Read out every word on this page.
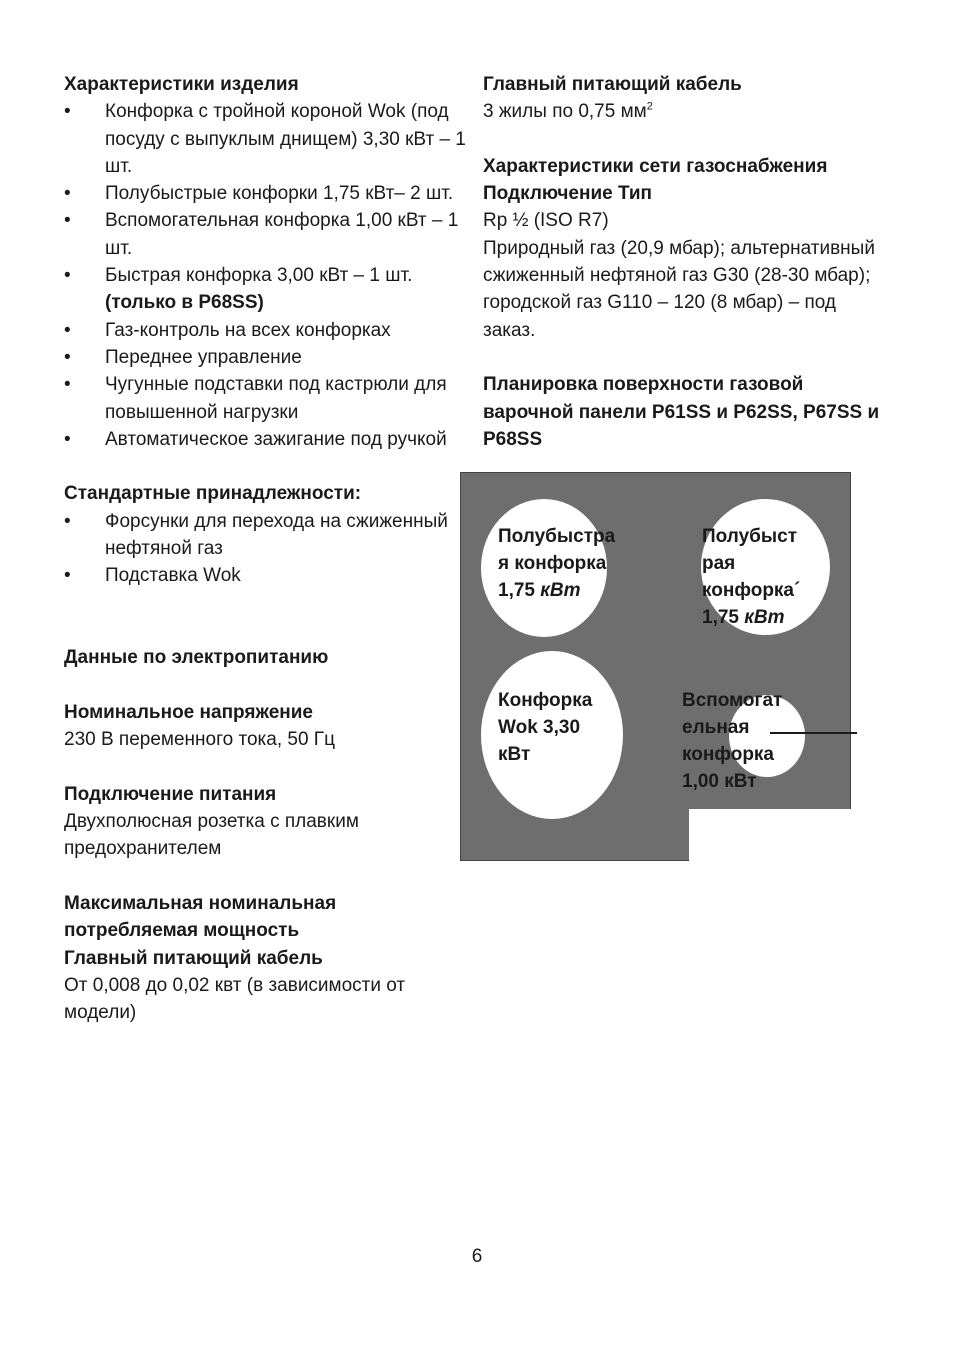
Характеристики изделия
• Конфорка с тройной короной Wok (под посуду с выпуклым днищем) 3,30 кВт – 1 шт.
• Полубыстрые конфорки 1,75 кВт– 2 шт.
• Вспомогательная конфорка 1,00 кВт – 1 шт.
• Быстрая конфорка 3,00 кВт – 1 шт.
(только в P68SS)
• Газ-контроль на всех конфорках
• Переднее управление
• Чугунные подставки под кастрюли для повышенной нагрузки
• Автоматическое зажигание под ручкой
Стандартные принадлежности:
• Форсунки для перехода на сжиженный нефтяной газ
• Подставка Wok
Данные по электропитанию
Номинальное напряжение
230 В переменного тока, 50 Гц
Подключение питания
Двухполюсная розетка с плавким предохранителем
Максимальная номинальная потребляемая мощность
Главный питающий кабель
От 0,008 до 0,02 квт (в зависимости от модели)
Главный питающий кабель
3 жилы по 0,75 $мм^2$
Характеристики сети газоснабжения
Подключение Тип
Rp ½ (ISO R7)
Природный газ (20,9 мбар); альтернативный сжиженный нефтяной газ G30 (28-30 мбар); городской газ G110 – 120 (8 мбар) – под заказ.
Планировка поверхности газовой варочной панели P61SS и P62SS, P67SS и P68SS
Полубыстра
я конфорка
1,75 кВт
Полубыст
рая
конфорка´
1,75 кВт
Конфорка
Wok 3,30
кВт
Вспомогат
ельная
конфорка
1,00 кВт
6
